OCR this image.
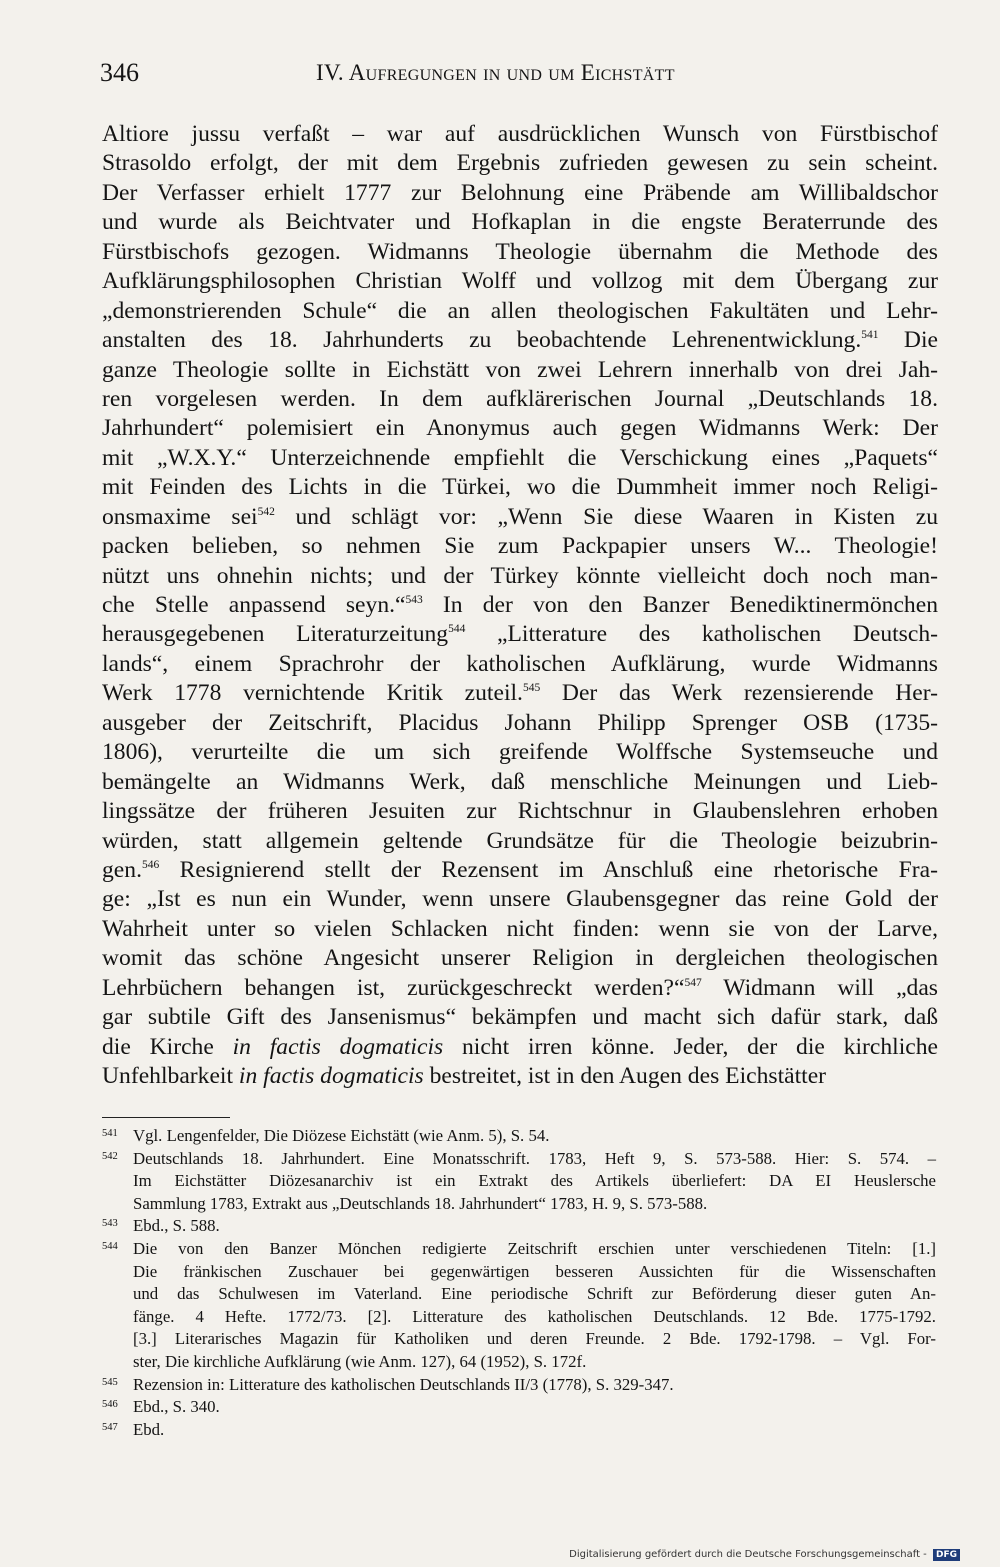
346	IV. Aufregungen in und um Eichstätt
Altiore jussu verfaßt – war auf ausdrücklichen Wunsch von Fürstbischof
Strasoldo erfolgt, der mit dem Ergebnis zufrieden gewesen zu sein scheint.
Der Verfasser erhielt 1777 zur Belohnung eine Präbende am Willibaldschor
und wurde als Beichtvater und Hofkaplan in die engste Beraterrunde des
Fürstbischofs gezogen. Widmanns Theologie übernahm die Methode des
Aufklärungsphilosophen Christian Wolff und vollzog mit dem Übergang zur
„demonstrierenden Schule“ die an allen theologischen Fakultäten und Lehr-
anstalten des 18. Jahrhunderts zu beobachtende Lehrenentwicklung.$^{541}$ Die
ganze Theologie sollte in Eichstätt von zwei Lehrern innerhalb von drei Jah-
ren vorgelesen werden. In dem aufklärerischen Journal „Deutschlands 18.
Jahrhundert“ polemisiert ein Anonymus auch gegen Widmanns Werk: Der
mit „W.X.Y.“ Unterzeichnende empfiehlt die Verschickung eines „Paquets“
mit Feinden des Lichts in die Türkei, wo die Dummheit immer noch Religi-
onsmaxime sei$^{542}$ und schlägt vor: „Wenn Sie diese Waaren in Kisten zu
packen belieben, so nehmen Sie zum Packpapier unsers W... Theologie!
nützt uns ohnehin nichts; und der Türkey könnte vielleicht doch noch man-
che Stelle anpassend seyn.“$^{543}$ In der von den Banzer Benediktinermönchen
herausgegebenen Literaturzeitung$^{544}$ „Litterature des katholischen Deutsch-
lands“, einem Sprachrohr der katholischen Aufklärung, wurde Widmanns
Werk 1778 vernichtende Kritik zuteil.$^{545}$ Der das Werk rezensierende Her-
ausgeber der Zeitschrift, Placidus Johann Philipp Sprenger OSB (1735-
1806), verurteilte die um sich greifende Wolffsche Systemseuche und
bemängelte an Widmanns Werk, daß menschliche Meinungen und Lieb-
lingssätze der früheren Jesuiten zur Richtschnur in Glaubenslehren erhoben
würden, statt allgemein geltende Grundsätze für die Theologie beizubrin-
gen.$^{546}$ Resignierend stellt der Rezensent im Anschluß eine rhetorische Fra-
ge: „Ist es nun ein Wunder, wenn unsere Glaubensgegner das reine Gold der
Wahrheit unter so vielen Schlacken nicht finden: wenn sie von der Larve,
womit das schöne Angesicht unserer Religion in dergleichen theologischen
Lehrbüchern behangen ist, zurückgeschreckt werden?“$^{547}$ Widmann will „das
gar subtile Gift des Jansenismus“ bekämpfen und macht sich dafür stark, daß
die Kirche in factis dogmaticis nicht irren könne. Jeder, der die kirchliche
Unfehlbarkeit in factis dogmaticis bestreitet, ist in den Augen des Eichstätter
541 Vgl. Lengenfelder, Die Diözese Eichstätt (wie Anm. 5), S. 54.
542 Deutschlands 18. Jahrhundert. Eine Monatsschrift. 1783, Heft 9, S. 573-588. Hier: S. 574. –
Im Eichstätter Diözesanarchiv ist ein Extrakt des Artikels überliefert: DA EI Heuslersche
Sammlung 1783, Extrakt aus „Deutschlands 18. Jahrhundert“ 1783, H. 9, S. 573-588.
543 Ebd., S. 588.
544 Die von den Banzer Mönchen redigierte Zeitschrift erschien unter verschiedenen Titeln: [1.]
Die fränkischen Zuschauer bei gegenwärtigen besseren Aussichten für die Wissenschaften
und das Schulwesen im Vaterland. Eine periodische Schrift zur Beförderung dieser guten An-
fänge. 4 Hefte. 1772/73. [2]. Litterature des katholischen Deutschlands. 12 Bde. 1775-1792.
[3.] Literarisches Magazin für Katholiken und deren Freunde. 2 Bde. 1792-1798. – Vgl. For-
ster, Die kirchliche Aufklärung (wie Anm. 127), 64 (1952), S. 172f.
545 Rezension in: Litterature des katholischen Deutschlands II/3 (1778), S. 329-347.
546 Ebd., S. 340.
547 Ebd.
Digitalisierung gefördert durch die Deutsche Forschungsgemeinschaft - DFG
